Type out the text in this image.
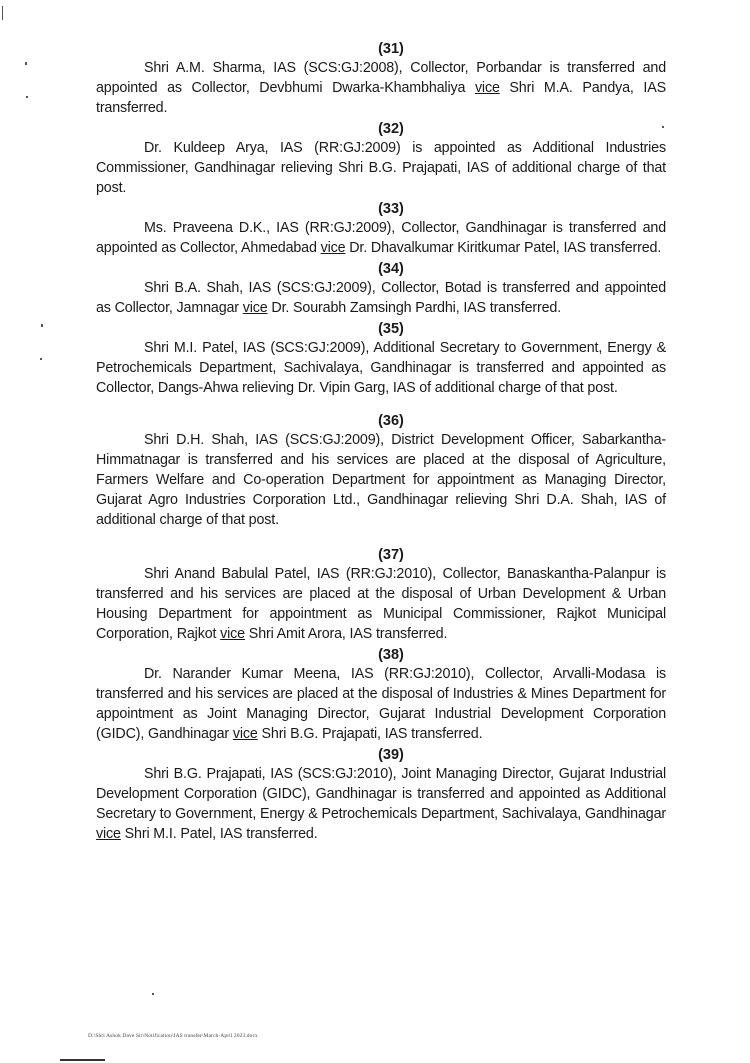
(31)

Shri A.M. Sharma, IAS (SCS:GJ:2008), Collector, Porbandar is transferred and appointed as Collector, Devbhumi Dwarka-Khambhaliya vice Shri M.A. Pandya, IAS transferred.

(32)

Dr. Kuldeep Arya, IAS (RR:GJ:2009) is appointed as Additional Industries Commissioner, Gandhinagar relieving Shri B.G. Prajapati, IAS of additional charge of that post.

(33)

Ms. Praveena D.K., IAS (RR:GJ:2009), Collector, Gandhinagar is transferred and appointed as Collector, Ahmedabad vice Dr. Dhavalkumar Kiritkumar Patel, IAS transferred.

(34)

Shri B.A. Shah, IAS (SCS:GJ:2009), Collector, Botad is transferred and appointed as Collector, Jamnagar vice Dr. Sourabh Zamsingh Pardhi, IAS transferred.

(35)

Shri M.I. Patel, IAS (SCS:GJ:2009), Additional Secretary to Government, Energy & Petrochemicals Department, Sachivalaya, Gandhinagar is transferred and appointed as Collector, Dangs-Ahwa relieving Dr. Vipin Garg, IAS of additional charge of that post.

(36)

Shri D.H. Shah, IAS (SCS:GJ:2009), District Development Officer, Sabarkantha-Himmatnagar is transferred and his services are placed at the disposal of Agriculture, Farmers Welfare and Co-operation Department for appointment as Managing Director, Gujarat Agro Industries Corporation Ltd., Gandhinagar relieving Shri D.A. Shah, IAS of additional charge of that post.

(37)

Shri Anand Babulal Patel, IAS (RR:GJ:2010), Collector, Banaskantha-Palanpur is transferred and his services are placed at the disposal of Urban Development & Urban Housing Department for appointment as Municipal Commissioner, Rajkot Municipal Corporation, Rajkot vice Shri Amit Arora, IAS transferred.

(38)

Dr. Narander Kumar Meena, IAS (RR:GJ:2010), Collector, Arvalli-Modasa is transferred and his services are placed at the disposal of Industries & Mines Department for appointment as Joint Managing Director, Gujarat Industrial Development Corporation (GIDC), Gandhinagar vice Shri B.G. Prajapati, IAS transferred.

(39)

Shri B.G. Prajapati, IAS (SCS:GJ:2010), Joint Managing Director, Gujarat Industrial Development Corporation (GIDC), Gandhinagar is transferred and appointed as Additional Secretary to Government, Energy & Petrochemicals Department, Sachivalaya, Gandhinagar vice Shri M.I. Patel, IAS transferred.

D:\Shri Ashok Dave Sir\Notification\IAS transfer\March-April 2023.docx
